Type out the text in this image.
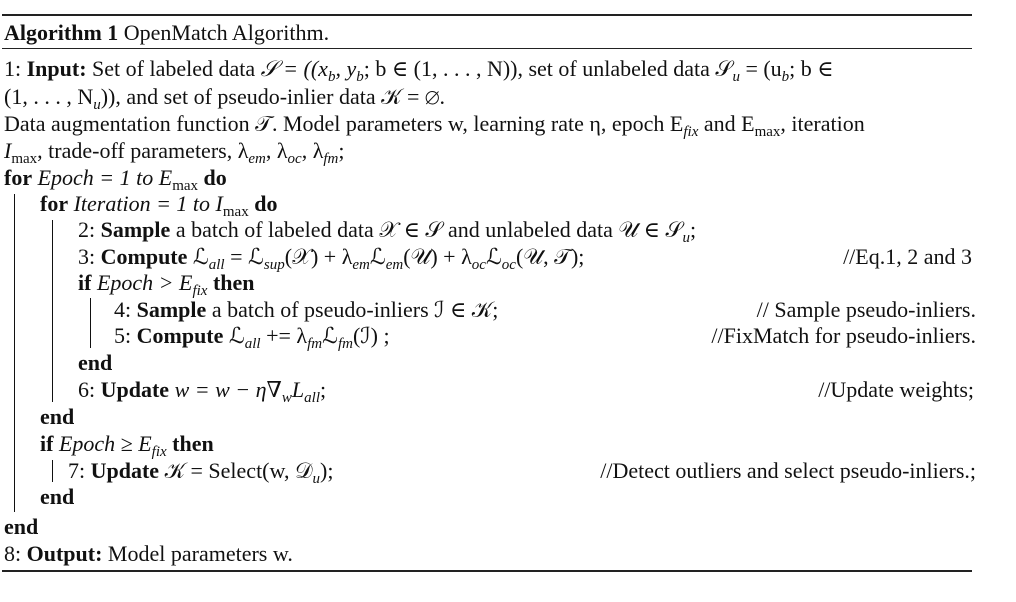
Algorithm 1 OpenMatch Algorithm.
1: Input: Set of labeled data 𝒮 = (($x_b$, $y_b$; b ∈ (1, . . . , N)), set of unlabeled data 𝒮$_u$ = ($u_b$; b ∈
(1, . . . , $N_u$)), and set of pseudo-inlier data 𝒦 = ∅.
Data augmentation function 𝒯. Model parameters w, learning rate η, epoch $E_{fix}$ and $E_{max}$, iteration
$I_{max}$, trade-off parameters, $\lambda_{em}$, $\lambda_{oc}$, $\lambda_{fm}$;
for Epoch = 1 to $E_{max}$ do
for Iteration = 1 to $I_{max}$ do
2: Sample a batch of labeled data 𝒳 ∈ 𝒮 and unlabeled data 𝒰 ∈ 𝒮$_u$;
3: Compute ℒ$_{all}$ = ℒ$_{sup}$(𝒳) + $\lambda_{em}ℒ_{em}(𝒰)$ + $\lambda_{oc}ℒ_{oc}(𝒰$, 𝒯);	//Eq.1, 2 and 3
if Epoch > $E_{fix}$ then
4: Sample a batch of pseudo-inliers ℐ ∈ 𝒦;	// Sample pseudo-inliers.
5: Compute ℒ$_{all}$ += $\lambda_{fm}ℒ_{fm}(ℐ)$ ;	//FixMatch for pseudo-inliers.
end
6: Update $w = w - \eta\nabla_wL_{all}$;	//Update weights;
end
if Epoch ≥ $E_{fix}$ then
7: Update 𝒦 = Select(w, 𝒟$_u$);	//Detect outliers and select pseudo-inliers.;
end
end
8: Output: Model parameters w.
